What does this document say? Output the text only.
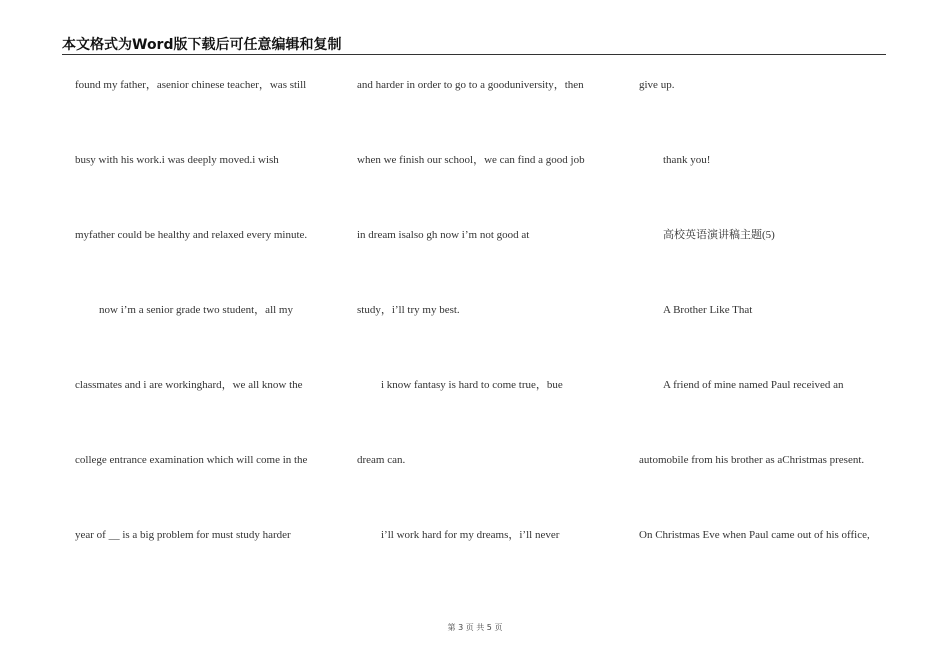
本文格式为Word版下载后可任意编辑和复制
found my father，asenior chinese teacher，was still
busy with his work.i was deeply moved.i wish
myfather could be healthy and relaxed every minute.
now i’m a senior grade two student，all my
classmates and i are workinghard，we all know the
college entrance examination which will come in the
year of __ is a big problem for must study harder
and harder in order to go to a gooduniversity，then
when we finish our school，we can find a good job
in dream isalso gh now i’m not good at
study，i’ll try my best.
i know fantasy is hard to come true，bue
dream can.
i’ll work hard for my dreams，i’ll never
give up.
thank you!
高校英语演讲稿主题(5)
A Brother Like That
A friend of mine named Paul received an
automobile from his brother as aChristmas present.
On Christmas Eve when Paul came out of his office,
第 3 页 共 5 页
